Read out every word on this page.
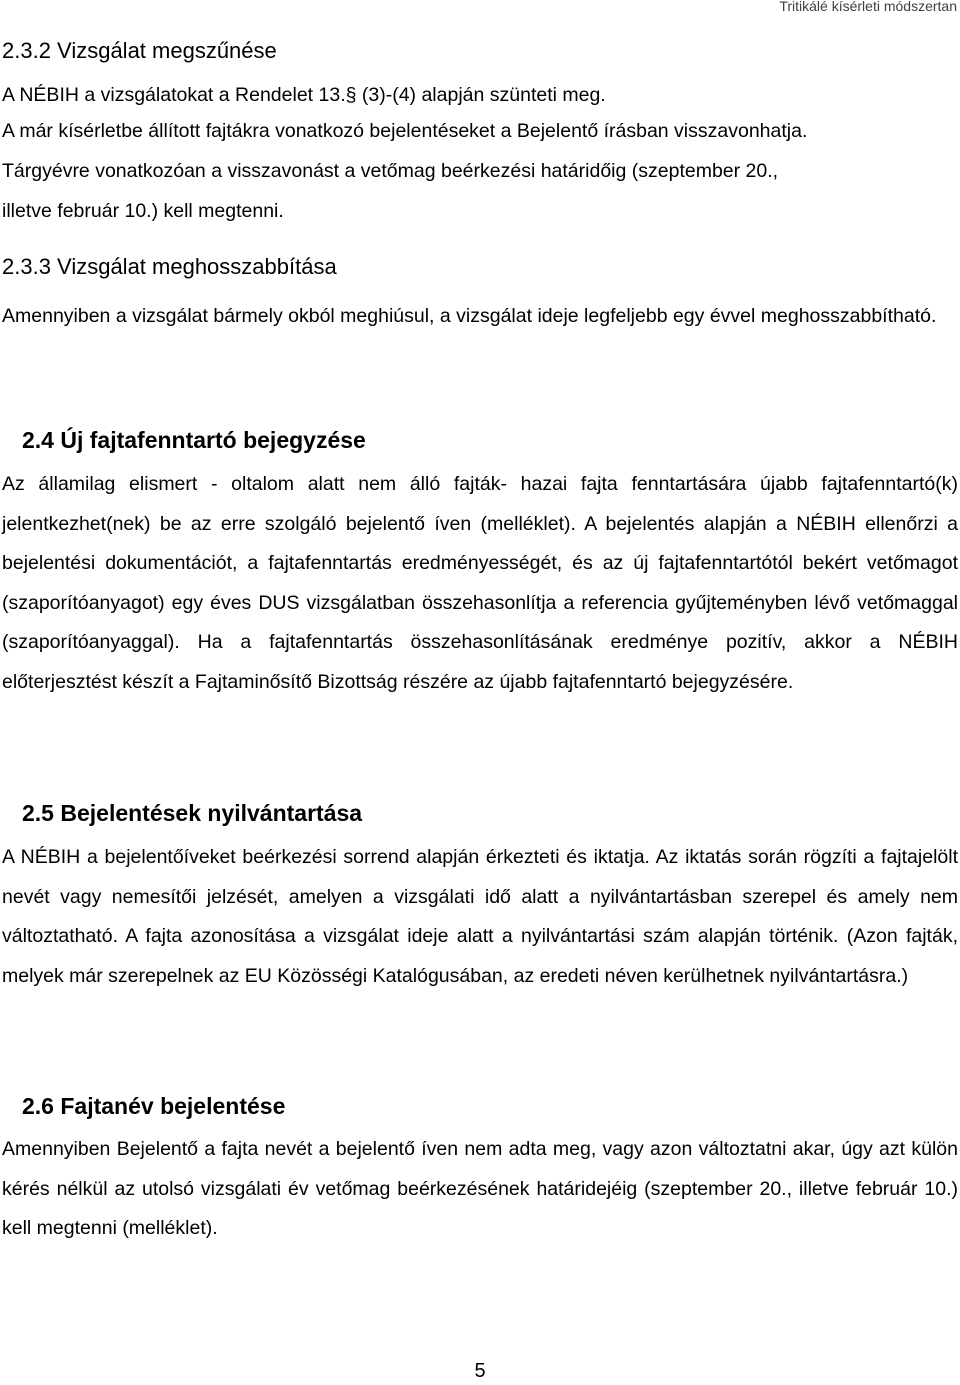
Tritikálé kísérleti módszertan
2.3.2 Vizsgálat megszűnése
A NÉBIH a vizsgálatokat a Rendelet 13.§ (3)-(4) alapján szünteti meg.
A már kísérletbe állított fajtákra vonatkozó bejelentéseket a Bejelentő írásban visszavonhatja.
Tárgyévre vonatkozóan a visszavonást a vetőmag beérkezési határidőig (szeptember 20.,
illetve február 10.) kell megtenni.
2.3.3 Vizsgálat meghosszabbítása

Amennyiben a vizsgálat bármely okból meghiúsul, a vizsgálat ideje legfeljebb egy évvel meghosszabbítható.

2.4 Új fajtafenntartó bejegyzése

Az államilag elismert - oltalom alatt nem álló fajták- hazai fajta fenntartására újabb fajtafenntartó(k) jelentkezhet(nek) be az erre szolgáló bejelentő íven (melléklet). A bejelentés alapján a NÉBIH ellenőrzi a bejelentési dokumentációt, a fajtafenntartás eredményességét, és az új fajtafenntartótól bekért vetőmagot (szaporítóanyagot) egy éves DUS vizsgálatban összehasonlítja a referencia gyűjteményben lévő vetőmaggal (szaporítóanyaggal). Ha a fajtafenntartás összehasonlításának eredménye pozitív, akkor a NÉBIH előterjesztést készít a Fajtaminősítő Bizottság részére az újabb fajtafenntartó bejegyzésére.

2.5 Bejelentések nyilvántartása

A NÉBIH a bejelentőíveket beérkezési sorrend alapján érkezteti és iktatja. Az iktatás során rögzíti a fajtajelölt nevét vagy nemesítői jelzését, amelyen a vizsgálati idő alatt a nyilvántartásban szerepel és amely nem változtatható. A fajta azonosítása a vizsgálat ideje alatt a nyilvántartási szám alapján történik. (Azon fajták, melyek már szerepelnek az EU Közösségi Katalógusában, az eredeti néven kerülhetnek nyilvántartásra.)

2.6 Fajtanév bejelentése

Amennyiben Bejelentő a fajta nevét a bejelentő íven nem adta meg, vagy azon változtatni akar, úgy azt külön kérés nélkül az utolsó vizsgálati év vetőmag beérkezésének határidejéig (szeptember 20., illetve február 10.) kell megtenni (melléklet).

5
